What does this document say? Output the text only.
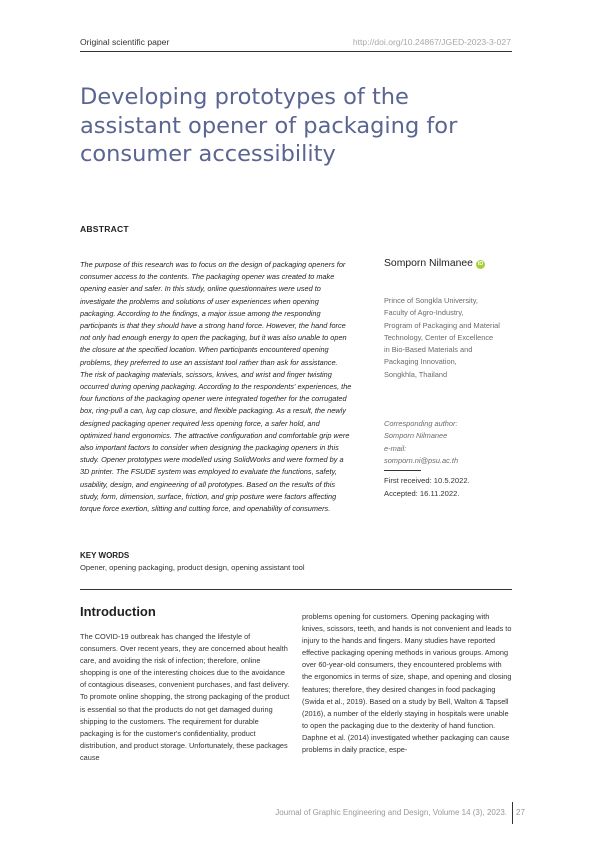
Original scientific paper	http://doi.org/10.24867/JGED-2023-3-027
Developing prototypes of the assistant opener of packaging for consumer accessibility
ABSTRACT

The purpose of this research was to focus on the design of packaging openers for consumer access to the contents. The packaging opener was created to make opening easier and safer. In this study, online questionnaires were used to investigate the problems and solutions of user experiences when opening packaging. According to the findings, a major issue among the responding participants is that they should have a strong hand force. However, the hand force not only had enough energy to open the packaging, but it was also unable to open the closure at the specified location. When participants encountered opening problems, they preferred to use an assistant tool rather than ask for assistance. The risk of packaging materials, scissors, knives, and wrist and finger twisting occurred during opening packaging. According to the respondents' experiences, the four functions of the packaging opener were integrated together for the corrugated box, ring-pull a can, lug cap closure, and flexible packaging. As a result, the newly designed packaging opener required less opening force, a safer hold, and optimized hand ergonomics. The attractive configuration and comfortable grip were also important factors to consider when designing the packaging openers in this study. Opener prototypes were modelled using SolidWorks and were formed by a 3D printer. The FSUDE system was employed to evaluate the functions, safety, usability, design, and engineering of all prototypes. Based on the results of this study, form, dimension, surface, friction, and grip posture were factors affecting torque force exertion, slitting and cutting force, and openability of consumers.

Somporn Nilmanee iD
Prince of Songkla University,
Faculty of Agro-Industry,
Program of Packaging and Material
Technology, Center of Excellence
in Bio-Based Materials and
Packaging Innovation,
Songkhla, Thailand
Corresponding author:
Somporn Nilmanee
e-mail:
somporn.ni@psu.ac.th
First received: 10.5.2022.
Accepted: 16.11.2022.
KEY WORDS
Opener, opening packaging, product design, opening assistant tool
Introduction

The COVID-19 outbreak has changed the lifestyle of consumers. Over recent years, they are concerned about health care, and avoiding the risk of infection; therefore, online shopping is one of the interesting choices due to the avoidance of contagious diseases, convenient purchases, and fast delivery. To promote online shopping, the strong packaging of the product is essential so that the products do not get damaged during shipping to the customers. The requirement for durable packaging is for the customer's confidentiality, product distribution, and product storage. Unfortunately, these packages cause

problems opening for customers. Opening packaging with knives, scissors, teeth, and hands is not convenient and leads to injury to the hands and fingers. Many studies have reported effective packaging opening methods in various groups. Among over 60-year-old consumers, they encountered problems with the ergonomics in terms of size, shape, and opening and closing features; therefore, they desired changes in food packaging (Swida et al., 2019). Based on a study by Bell, Walton & Tapsell (2016), a number of the elderly staying in hospitals were unable to open the packaging due to the dexterity of hand function. Daphne et al. (2014) investigated whether packaging can cause problems in daily practice, espe-

Journal of Graphic Engineering and Design, Volume 14 (3), 2023. 27
